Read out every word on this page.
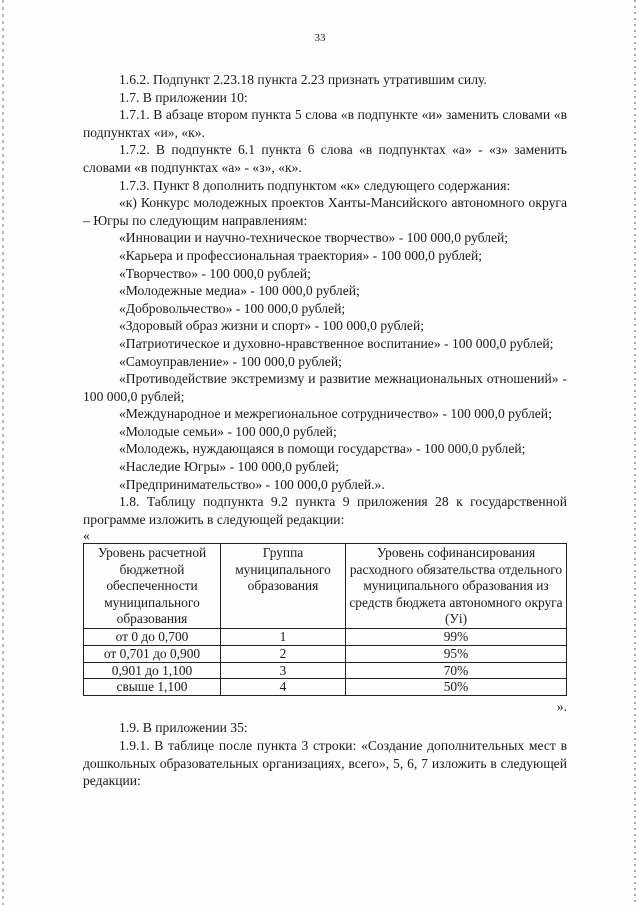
33

1.6.2. Подпункт 2.23.18 пункта 2.23 признать утратившим силу.

1.7. В приложении 10:

1.7.1. В абзаце втором пункта 5 слова «в подпункте «и» заменить словами «в подпунктах «и», «к».

1.7.2. В подпункте 6.1 пункта 6 слова «в подпунктах «а» - «з» заменить словами «в подпунктах «а» - «з», «к».

1.7.3. Пункт 8 дополнить подпунктом «к» следующего содержания:

«к) Конкурс молодежных проектов Ханты-Мансийского автономного округа – Югры по следующим направлениям:

«Инновации и научно-техническое творчество» - 100 000,0 рублей;

«Карьера и профессиональная траектория» - 100 000,0 рублей;

«Творчество» - 100 000,0 рублей;

«Молодежные медиа» - 100 000,0 рублей;

«Добровольчество» - 100 000,0 рублей;

«Здоровый образ жизни и спорт» - 100 000,0 рублей;

«Патриотическое и духовно-нравственное воспитание» - 100 000,0 рублей;

«Самоуправление» - 100 000,0 рублей;

«Противодействие экстремизму и развитие межнациональных отношений» - 100 000,0 рублей;

«Международное и межрегиональное сотрудничество» - 100 000,0 рублей;

«Молодые семьи» - 100 000,0 рублей;

«Молодежь, нуждающаяся в помощи государства» - 100 000,0 рублей;

«Наследие Югры» - 100 000,0 рублей;

«Предпринимательство» - 100 000,0 рублей.».

1.8. Таблицу подпункта 9.2 пункта 9 приложения 28 к государственной программе изложить в следующей редакции:

«

Уровень расчетной бюджетной обеспеченности муниципального образования	Группа муниципального образования	Уровень софинансирования расходного обязательства отдельного муниципального образования из средств бюджета автономного округа (Уi)
от 0 до 0,700	1	99%
от 0,701 до 0,900	2	95%
0,901 до 1,100	3	70%
свыше 1,100	4	50%

».

1.9. В приложении 35:

1.9.1. В таблице после пункта 3 строки: «Создание дополнительных мест в дошкольных образовательных организациях, всего», 5, 6, 7 изложить в следующей редакции:
